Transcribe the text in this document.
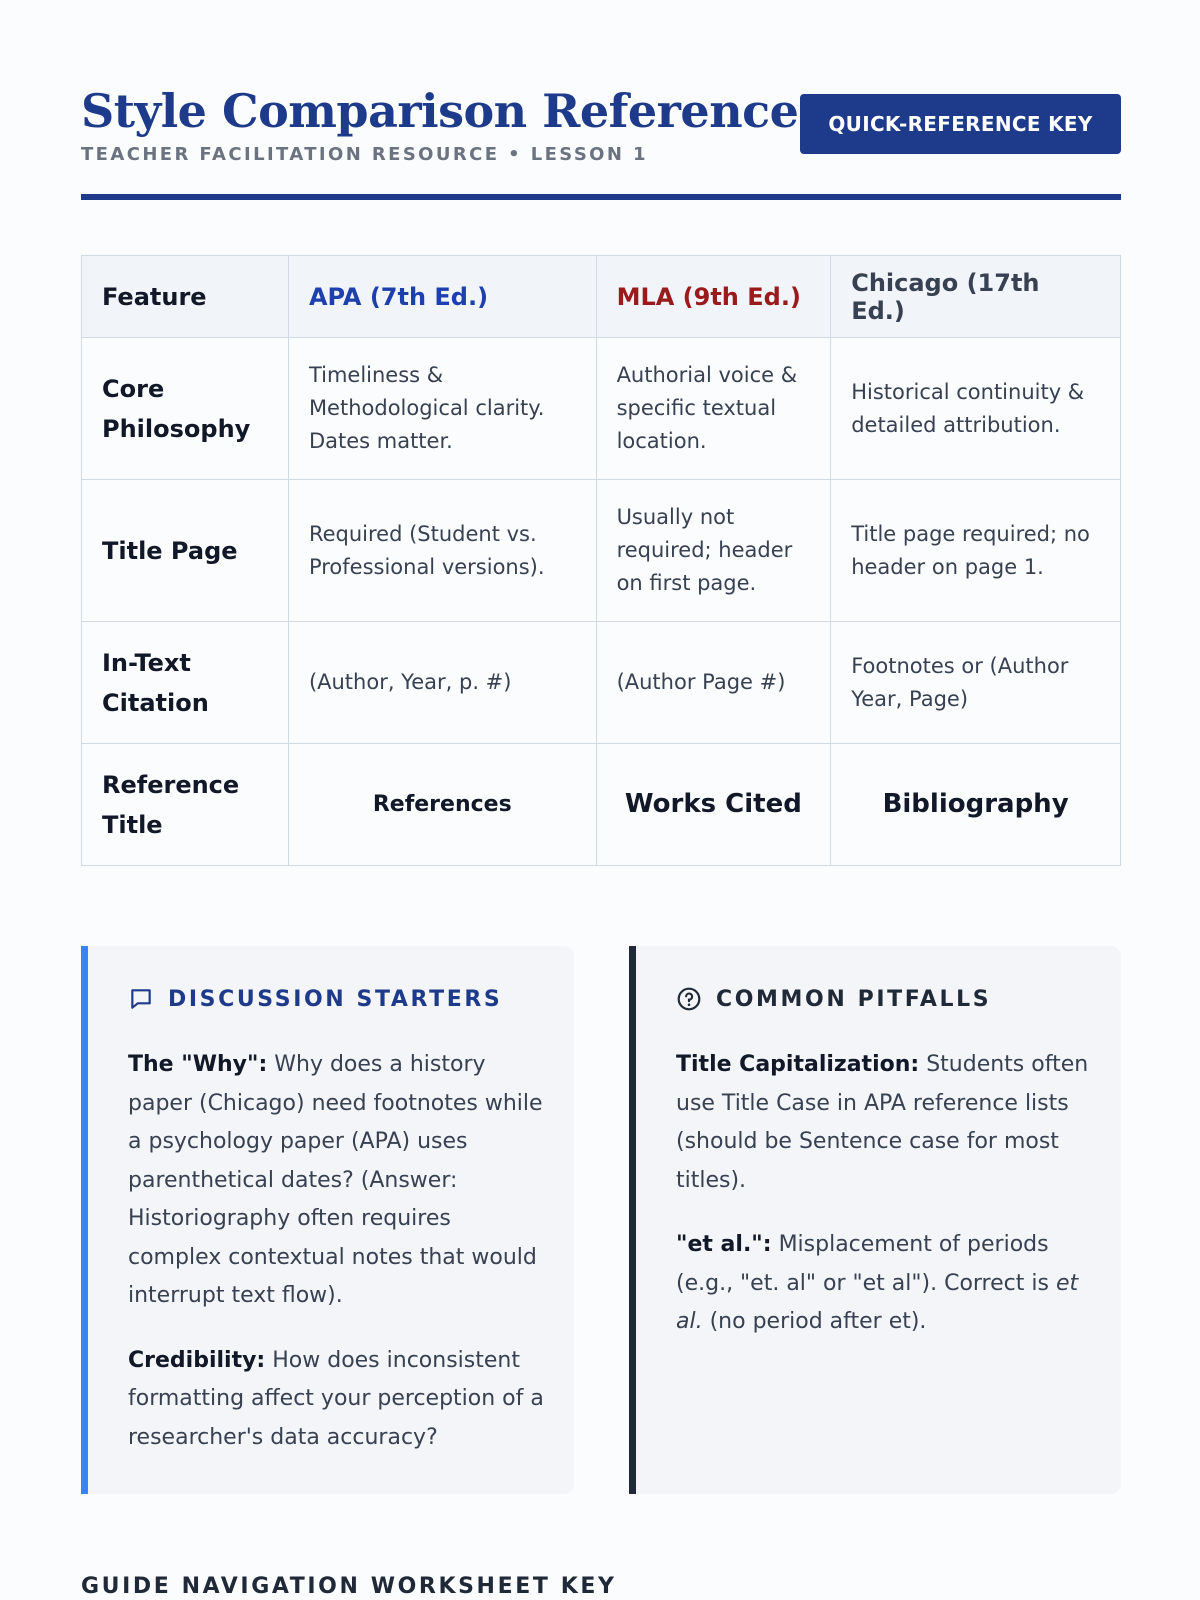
Style Comparison Reference
TEACHER FACILITATION RESOURCE • LESSON 1
QUICK-REFERENCE KEY
Feature	APA (7th Ed.)	MLA (9th Ed.)	Chicago (17th Ed.)
Core Philosophy	Timeliness & Methodological clarity. Dates matter.	Authorial voice & specific textual location.	Historical continuity & detailed attribution.
Title Page	Required (Student vs. Professional versions).	Usually not required; header on first page.	Title page required; no header on page 1.
In-Text Citation	(Author, Year, p. #)	(Author Page #)	Footnotes or (Author Year, Page)
Reference Title	References	Works Cited	Bibliography
DISCUSSION STARTERS

The "Why": Why does a history paper (Chicago) need footnotes while a psychology paper (APA) uses parenthetical dates? (Answer: Historiography often requires complex contextual notes that would interrupt text flow).

Credibility: How does inconsistent formatting affect your perception of a researcher's data accuracy?

COMMON PITFALLS

Title Capitalization: Students often use Title Case in APA reference lists (should be Sentence case for most titles).

"et al.": Misplacement of periods (e.g., "et. al" or "et al"). Correct is et al. (no period after et).

GUIDE NAVIGATION WORKSHEET KEY
